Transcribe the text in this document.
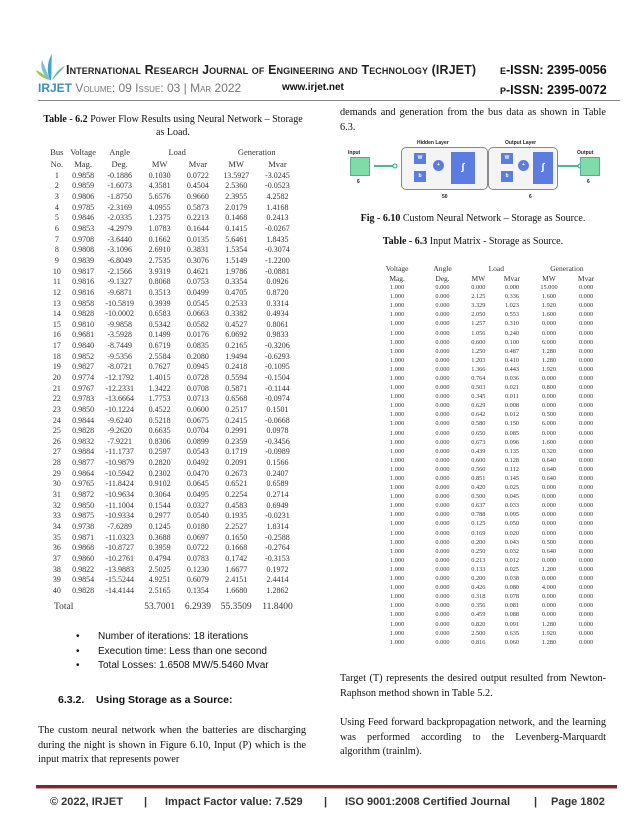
International Research Journal of Engineering and Technology (IRJET)
IRJET Volume: 09 Issue: 03 | Mar 2022	www.irjet.net
e-ISSN: 2395-0056
p-ISSN: 2395-0072
Table - 6.2 Power Flow Results using Neural Network – Storage as Load.
Bus	Voltage	Angle	Load		Generation	
No.	Mag.	Deg.	MW	Mvar	MW	Mvar
1	0.9858	-0.1886	0.1030	0.0722	13.5927	-3.0245
2	0.9859	-1.6073	4.3581	0.4504	2.5360	-0.0523
3	0.9806	-1.8750	5.6576	0.9660	2.3955	4.2582
4	0.9785	-2.3169	4.0955	0.5873	2.0179	1.4168
5	0.9846	-2.0335	1.2375	0.2213	0.1468	0.2413
6	0.9853	-4.2979	1.0783	0.1644	0.1415	-0.0267
7	0.9708	-3.6440	0.1662	0.0135	5.6461	1.8435
8	0.9808	-3.1096	2.6910	0.3831	1.5354	-0.3074
9	0.9839	-6.8049	2.7535	0.3076	1.5149	-1.2200
10	0.9817	-2.1566	3.9319	0.4621	1.9786	-0.0881
11	0.9816	-9.1327	0.8068	0.0753	0.3354	0.0926
12	0.9816	-9.6871	0.3513	0.0499	0.4705	0.8720
13	0.9858	-10.5819	0.3939	0.0545	0.2533	0.3314
14	0.9828	-10.0002	0.6583	0.0663	0.3382	0.4934
15	0.9810	-9.9858	0.5342	0.0582	0.4527	0.8061
16	0.9681	-3.5928	0.1499	0.0176	6.0692	0.9833
17	0.9840	-8.7449	0.6719	0.0835	0.2165	-0.3206
18	0.9852	-9.5356	2.5584	0.2080	1.9494	-0.6293
19	0.9827	-8.0721	0.7627	0.0945	0.2418	-0.1095
20	0.9774	-12.1792	1.4015	0.0728	0.5594	-0.1504
21	0.9767	-12.2331	1.3422	0.0708	0.5871	-0.1144
22	0.9783	-13.6664	1.7753	0.0713	0.6568	-0.0974
23	0.9850	-10.1224	0.4522	0.0600	0.2517	0.1501
24	0.9844	-9.6240	0.5218	0.0675	0.2415	-0.0668
25	0.9828	-9.2620	0.6635	0.0704	0.2991	0.0978
26	0.9832	-7.9221	0.8306	0.0899	0.2359	-0.3456
27	0.9884	-11.1737	0.2597	0.0543	0.1719	-0.0989
28	0.9877	-10.9879	0.2820	0.0492	0.2091	0.1566
29	0.9864	-10.5942	0.2302	0.0470	0.2673	0.2407
30	0.9765	-11.8424	0.9102	0.0645	0.6521	0.6589
31	0.9872	-10.9634	0.3064	0.0495	0.2254	0.2714
32	0.9850	-11.1004	0.1544	0.0327	0.4583	0.6949
33	0.9875	-10.9334	0.2977	0.0540	0.1935	-0.0231
34	0.9738	-7.6289	0.1245	0.0180	2.2527	1.8314
35	0.9871	-11.0323	0.3688	0.0697	0.1650	-0.2588
36	0.9868	-10.8727	0.3959	0.0722	0.1668	-0.2764
37	0.9860	-10.2761	0.4794	0.0783	0.1742	-0.3153
38	0.9822	-13.9883	2.5025	0.1230	1.6677	0.1972
39	0.9854	-15.5244	4.9251	0.6079	2.4151	2.4414
40	0.9828	-14.4144	2.5165	0.1354	1.6680	1.2862
Total			53.7001	6.2939	55.3509	11.8400
• Number of iterations: 18 iterations
• Execution time: Less than one second
• Total Losses: 1.6508 MW/5.5460 Mvar
6.3.2.    Using Storage as a Source:
The custom neural network when the batteries are discharging during the night is shown in Figure 6.10, Input (P) which is the input matrix that represents power
demands and generation from the bus data as shown in Table 6.3.
Input
6
Hidden Layer
W
b
+	∫
50
Output Layer
W
b
+	∫
6
Output
6
Fig - 6.10 Custom Neural Network – Storage as Source.
Table - 6.3 Input Matrix - Storage as Source.
Voltage	Angle	Load		Generation	
Mag.	Deg.	MW	Mvar	MW	Mvar
1.000	0.000	0.000	0.000	15.000	0.000
1.000	0.000	2.125	0.336	1.600	0.000
1.000	0.000	3.329	1.023	1.920	0.000
1.000	0.000	2.050	0.553	1.600	0.000
1.000	0.000	1.257	0.310	0.000	0.000
1.000	0.000	1.056	0.240	0.000	0.000
1.000	0.000	0.600	0.100	6.000	0.000
1.000	0.000	1.250	0.487	1.280	0.000
1.000	0.000	1.203	0.410	1.280	0.000
1.000	0.000	1.366	0.443	1.920	0.000
1.000	0.000	0.764	0.036	0.000	0.000
1.000	0.000	0.503	0.021	0.800	0.000
1.000	0.000	0.345	0.011	0.000	0.000
1.000	0.000	0.629	0.008	0.000	0.000
1.000	0.000	0.642	0.012	0.500	0.000
1.000	0.000	0.580	0.150	6.000	0.000
1.000	0.000	0.650	0.085	0.000	0.000
1.000	0.000	0.673	0.096	1.600	0.000
1.000	0.000	0.439	0.135	0.320	0.000
1.000	0.000	0.600	0.128	0.640	0.000
1.000	0.000	0.560	0.112	0.640	0.000
1.000	0.000	0.851	0.145	0.640	0.000
1.000	0.000	0.420	0.025	0.000	0.000
1.000	0.000	0.500	0.045	0.000	0.000
1.000	0.000	0.637	0.033	0.000	0.000
1.000	0.000	0.788	0.095	0.000	0.000
1.000	0.000	0.125	0.050	0.000	0.000
1.000	0.000	0.169	0.020	0.000	0.000
1.000	0.000	0.200	0.043	0.500	0.000
1.000	0.000	0.250	0.032	0.640	0.000
1.000	0.000	0.213	0.012	0.000	0.000
1.000	0.000	0.133	0.025	1.200	0.000
1.000	0.000	0.200	0.038	0.000	0.000
1.000	0.000	0.426	0.080	4.000	0.000
1.000	0.000	0.318	0.078	0.000	0.000
1.000	0.000	0.356	0.081	0.000	0.000
1.000	0.000	0.459	0.088	0.000	0.000
1.000	0.000	0.820	0.091	1.280	0.000
1.000	0.000	2.500	0.635	1.920	0.000
1.000	0.000	0.816	0.060	1.280	0.000
Target (T) represents the desired output resulted from Newton-Raphson method shown in Table 5.2.
Using Feed forward backpropagation network, and the learning was performed according to the Levenberg-Marquardt algorithm (trainlm).
© 2022, IRJET | Impact Factor value: 7.529 | ISO 9001:2008 Certified Journal | Page 1802
